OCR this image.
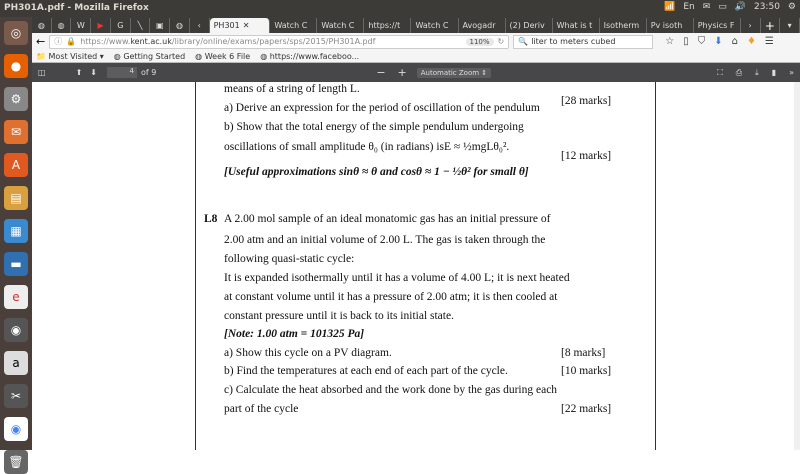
PH301A.pdf - Mozilla Firefox	📶 En ✉ ▭ 🔊 23:50 ⚙
◎
●
⚙
✉
A
▤
▦
▬
e
◉
a
✂
◉
🗑
◍	◍	W	▶	G	╲	▣	◍	‹	PH301 ✕	Watch C Watch C https://t Watch C Avogadr (2) Deriv What is t Isotherm Pv isoth Physics F	›	+	▾
← ⓘ 🔒 https://www.kent.ac.uk/library/online/exams/papers/sps/2015/PH301A.pdf	110%	↻ 🔍 liter to meters cubed	☆ ▯ ⛉ ⬇ ⌂ ♦ ☰
📁 Most Visited ▾ ◍ Getting Started ◍ Week 6 File ◍ https://www.faceboo...
◫	⬆ ⬇	4 of 9	− +	Automatic Zoom ⇕	⛶ ⎙ ⤓ ▮ »
means of a string of length L.
a) Derive an expression for the period of oscillation of the pendulum
[28 marks]
b) Show that the total energy of the simple pendulum undergoing
oscillations of small amplitude θ₀ (in radians) isE ≈ ½mgLθ₀².
[12 marks]
[Useful approximations sinθ ≈ θ and cosθ ≈ 1 − ½θ² for small θ]
L8 A 2.00 mol sample of an ideal monatomic gas has an initial pressure of
2.00 atm and an initial volume of 2.00 L. The gas is taken through the
following quasi-static cycle:
It is expanded isothermally until it has a volume of 4.00 L; it is next heated
at constant volume until it has a pressure of 2.00 atm; it is then cooled at
constant pressure until it is back to its initial state.
[Note: 1.00 atm = 101325 Pa]
a) Show this cycle on a PV diagram.	[8 marks]
b) Find the temperatures at each end of each part of the cycle.	[10 marks]
c) Calculate the heat absorbed and the work done by the gas during each
part of the cycle	[22 marks]
